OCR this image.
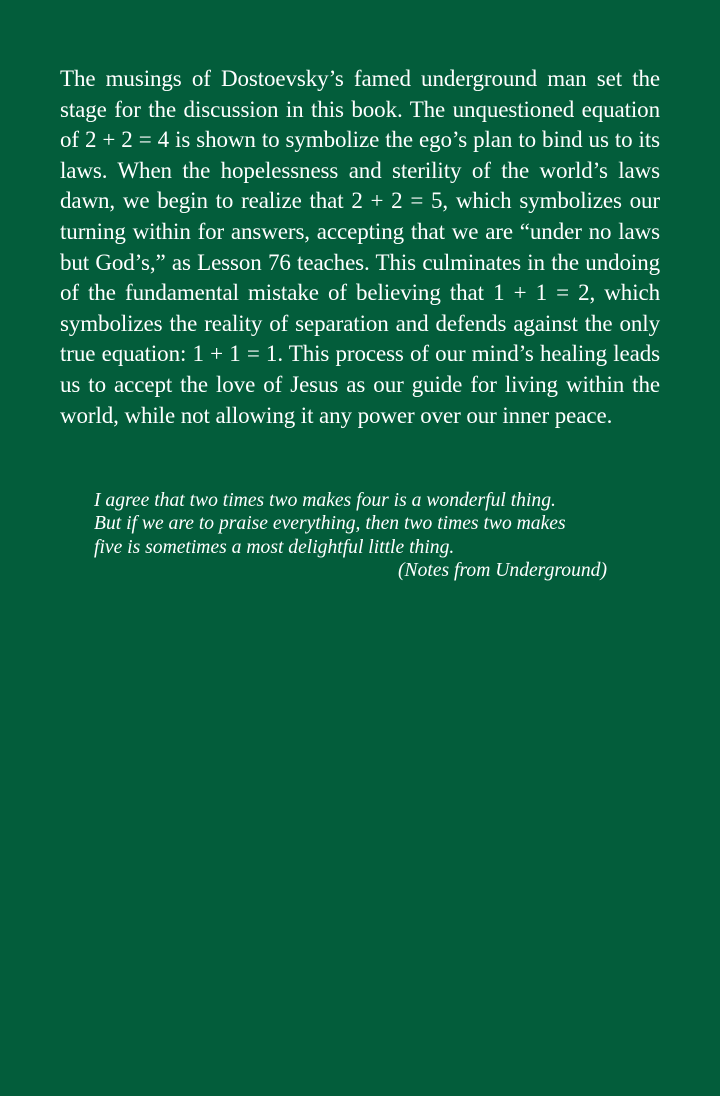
The musings of Dostoevsky’s famed underground man set the stage for the discussion in this book. The unquestioned equation of 2 + 2 = 4 is shown to symbolize the ego’s plan to bind us to its laws. When the hopelessness and sterility of the world’s laws dawn, we begin to realize that 2 + 2 = 5, which symbolizes our turning within for answers, accepting that we are “under no laws but God’s,” as Lesson 76 teaches. This culminates in the undoing of the fundamental mistake of believing that 1 + 1 = 2, which symbolizes the reality of separation and defends against the only true equation: 1 + 1 = 1. This process of our mind’s healing leads us to accept the love of Jesus as our guide for living within the world, while not allowing it any power over our inner peace.

I agree that two times two makes four is a wonderful thing.
But if we are to praise everything, then two times two makes
five is sometimes a most delightful little thing.
(Notes from Underground)
